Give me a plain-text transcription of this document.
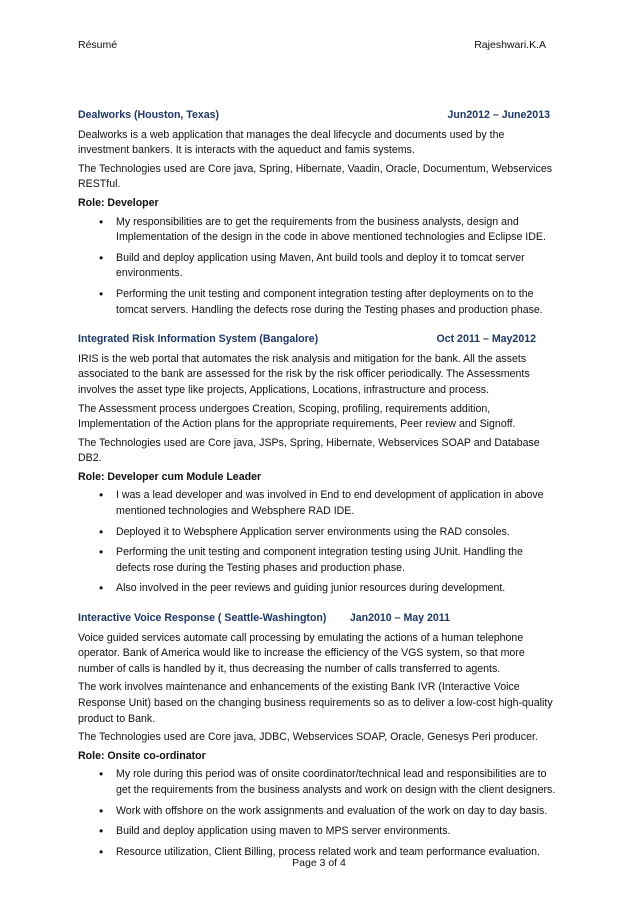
Résumé	Rajeshwari.K.A
Dealworks (Houston, Texas)	Jun2012 – June2013

Dealworks is a web application that manages the deal lifecycle and documents used by the investment bankers. It is interacts with the aqueduct and famis systems.

The Technologies used are Core java, Spring, Hibernate, Vaadin, Oracle, Documentum, Webservices RESTful.

Role: Developer

• My responsibilities are to get the requirements from the business analysts, design and Implementation of the design in the code in above mentioned technologies and Eclipse IDE.
• Build and deploy application using Maven, Ant build tools and deploy it to tomcat server environments.
• Performing the unit testing and component integration testing after deployments on to the tomcat servers. Handling the defects rose during the Testing phases and production phase.
Integrated Risk Information System (Bangalore)	Oct 2011 – May2012

IRIS is the web portal that automates the risk analysis and mitigation for the bank. All the assets associated to the bank are assessed for the risk by the risk officer periodically. The Assessments involves the asset type like projects, Applications, Locations, infrastructure and process.

The Assessment process undergoes Creation, Scoping, profiling, requirements addition, Implementation of the Action plans for the appropriate requirements, Peer review and Signoff.

The Technologies used are Core java, JSPs, Spring, Hibernate, Webservices SOAP and Database DB2.

Role: Developer cum Module Leader

• I was a lead developer and was involved in End to end development of application in above mentioned technologies and Websphere RAD IDE.
• Deployed it to Websphere Application server environments using the RAD consoles.
• Performing the unit testing and component integration testing using JUnit. Handling the defects rose during the Testing phases and production phase.
• Also involved in the peer reviews and guiding junior resources during development.
Interactive Voice Response ( Seattle-Washington) Jan2010 – May 2011

Voice guided services automate call processing by emulating the actions of a human telephone operator. Bank of America would like to increase the efficiency of the VGS system, so that more number of calls is handled by it, thus decreasing the number of calls transferred to agents.

The work involves maintenance and enhancements of the existing Bank IVR (Interactive Voice Response Unit) based on the changing business requirements so as to deliver a low-cost high-quality product to Bank.

The Technologies used are Core java, JDBC, Webservices SOAP, Oracle, Genesys Peri producer.

Role: Onsite co-ordinator

• My role during this period was of onsite coordinator/technical lead and responsibilities are to get the requirements from the business analysts and work on design with the client designers.
• Work with offshore on the work assignments and evaluation of the work on day to day basis.
• Build and deploy application using maven to MPS server environments.
• Resource utilization, Client Billing, process related work and team performance evaluation.
Page 3 of 4
